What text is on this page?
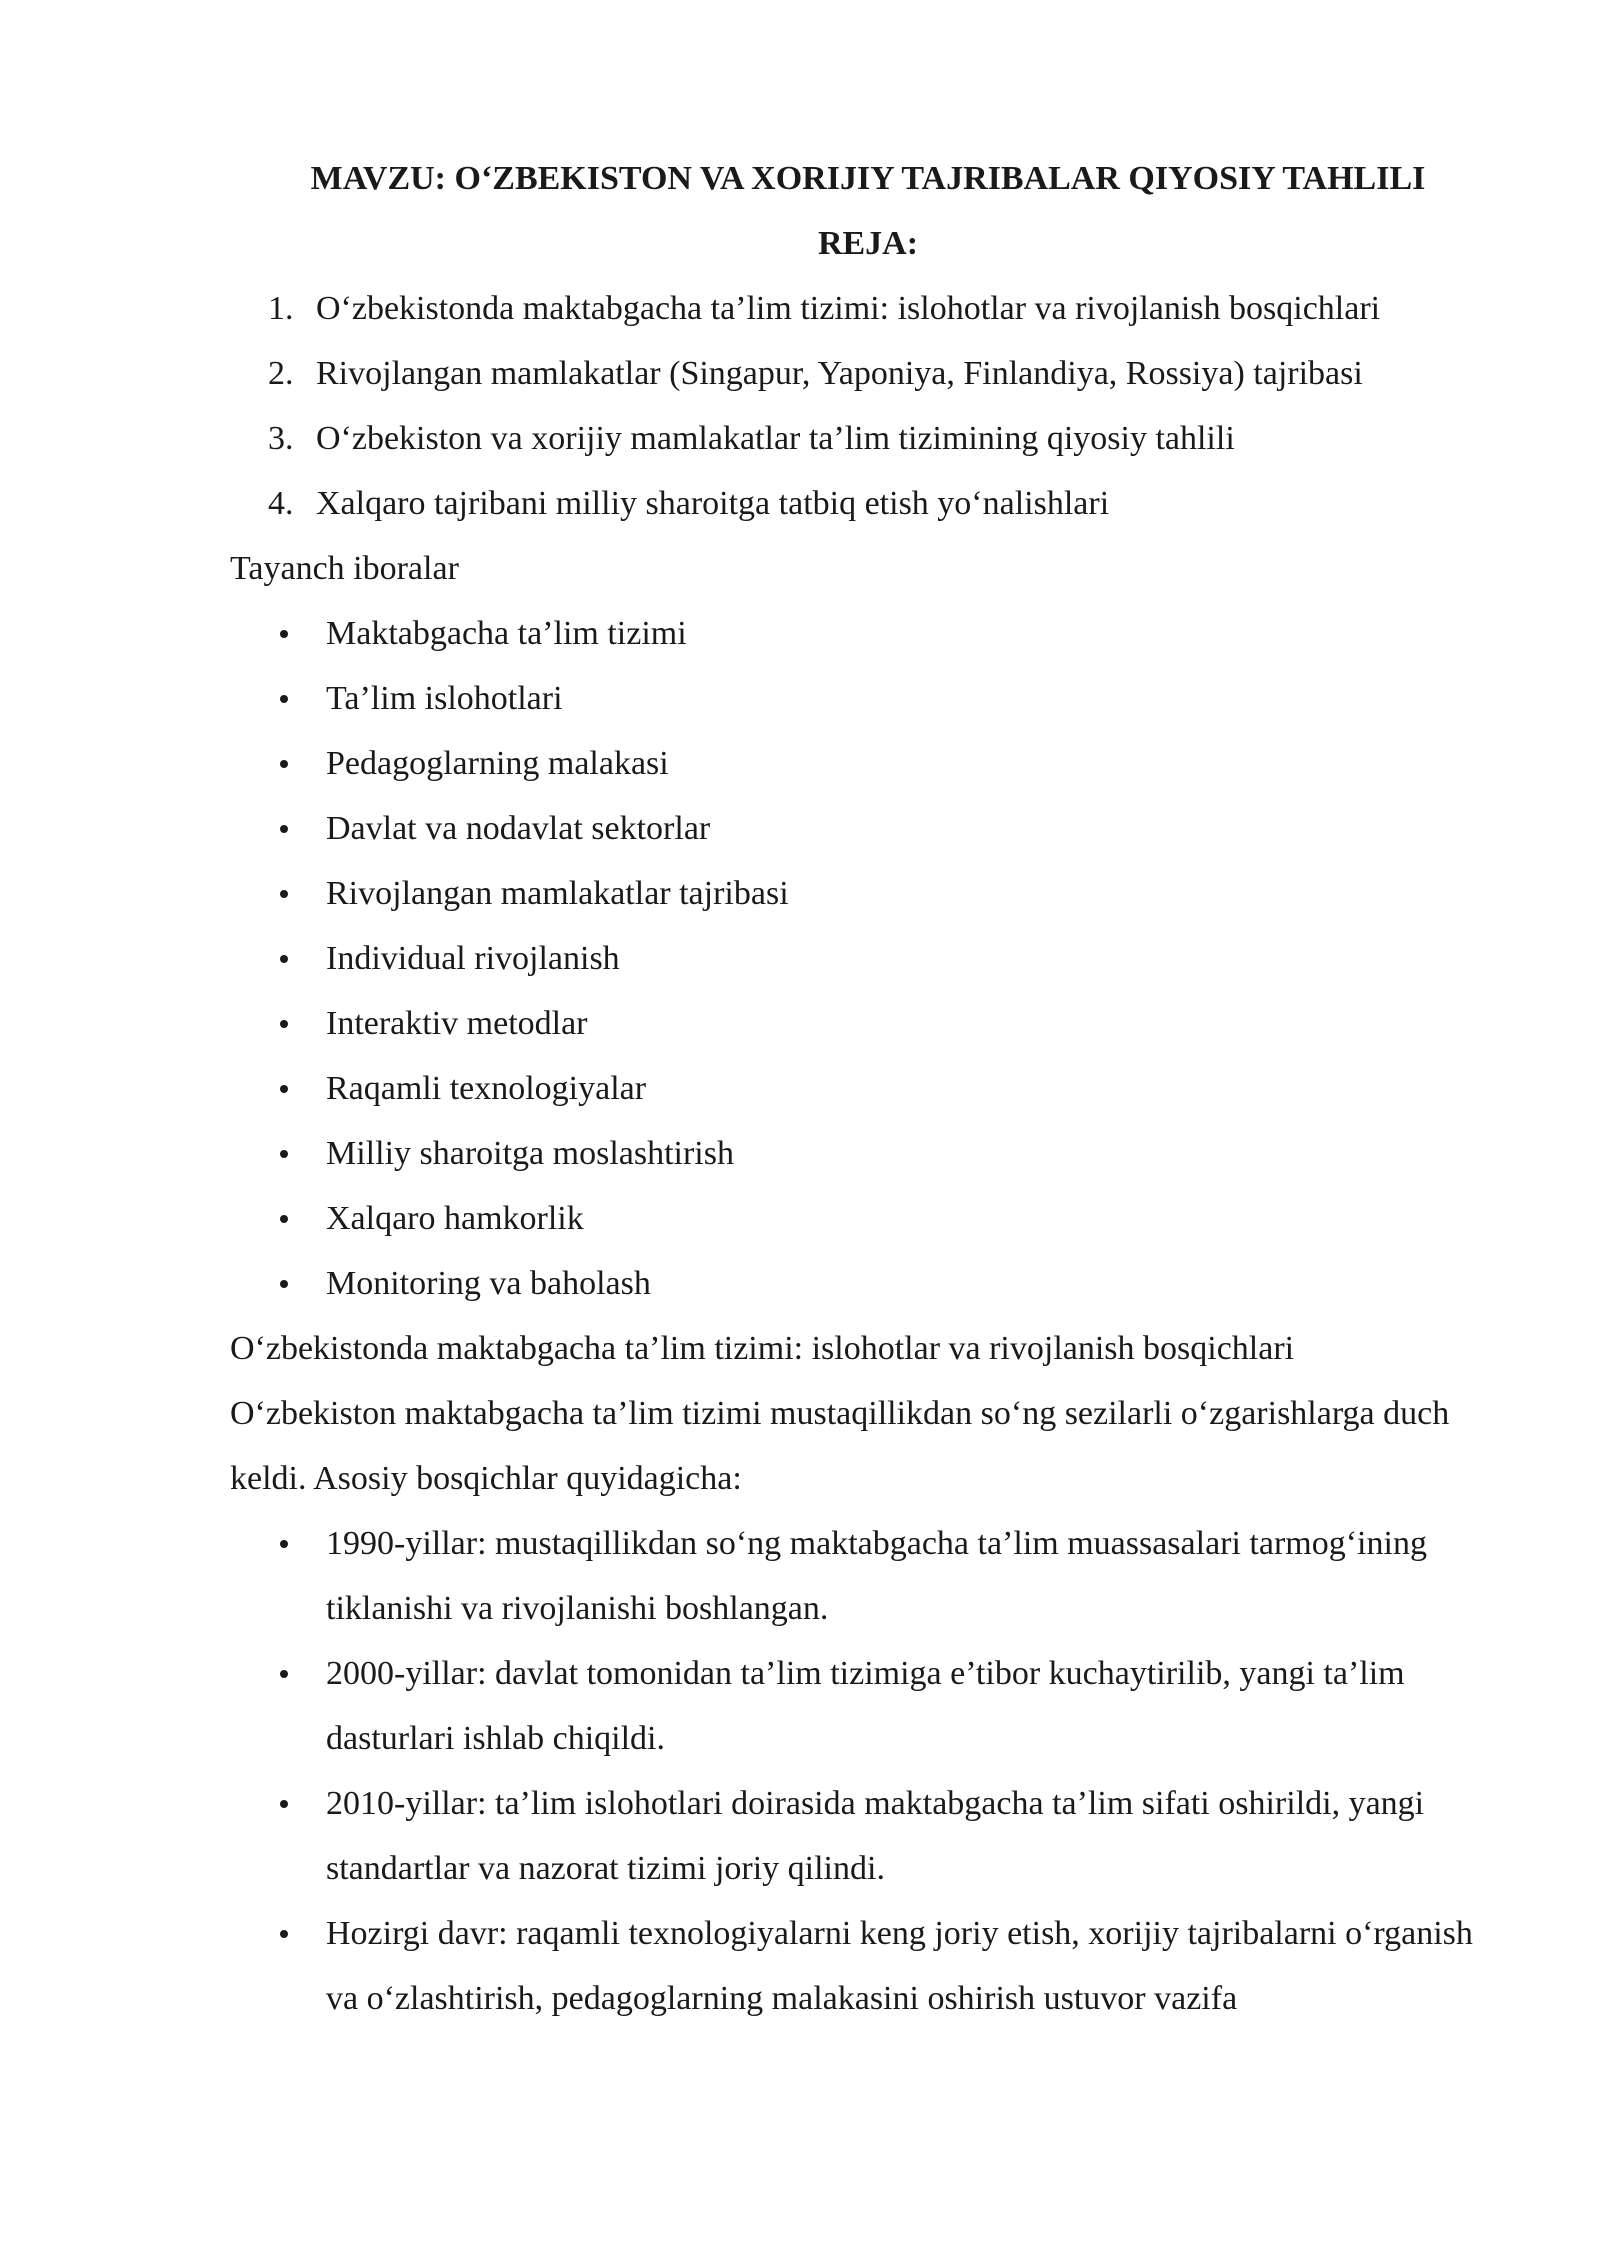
MAVZU: O‘ZBEKISTON VA XORIJIY TAJRIBALAR QIYOSIY TAHLILI
REJA:
1. O‘zbekistonda maktabgacha ta’lim tizimi: islohotlar va rivojlanish bosqichlari
2. Rivojlangan mamlakatlar (Singapur, Yaponiya, Finlandiya, Rossiya) tajribasi
3. O‘zbekiston va xorijiy mamlakatlar ta’lim tizimining qiyosiy tahlili
4. Xalqaro tajribani milliy sharoitga tatbiq etish yo‘nalishlari

Tayanch iboralar

Maktabgacha ta’lim tizimi
Ta’lim islohotlari
Pedagoglarning malakasi
Davlat va nodavlat sektorlar
Rivojlangan mamlakatlar tajribasi
Individual rivojlanish
Interaktiv metodlar
Raqamli texnologiyalar
Milliy sharoitga moslashtirish
Xalqaro hamkorlik
Monitoring va baholash

O‘zbekistonda maktabgacha ta’lim tizimi: islohotlar va rivojlanish bosqichlari

O‘zbekiston maktabgacha ta’lim tizimi mustaqillikdan so‘ng sezilarli o‘zgarishlarga duch keldi. Asosiy bosqichlar quyidagicha:

1990-yillar: mustaqillikdan so‘ng maktabgacha ta’lim muassasalari tarmog‘ining tiklanishi va rivojlanishi boshlangan.
2000-yillar: davlat tomonidan ta’lim tizimiga e’tibor kuchaytirilib, yangi ta’lim dasturlari ishlab chiqildi.
2010-yillar: ta’lim islohotlari doirasida maktabgacha ta’lim sifati oshirildi, yangi standartlar va nazorat tizimi joriy qilindi.
Hozirgi davr: raqamli texnologiyalarni keng joriy etish, xorijiy tajribalarni o‘rganish va o‘zlashtirish, pedagoglarning malakasini oshirish ustuvor vazifa
